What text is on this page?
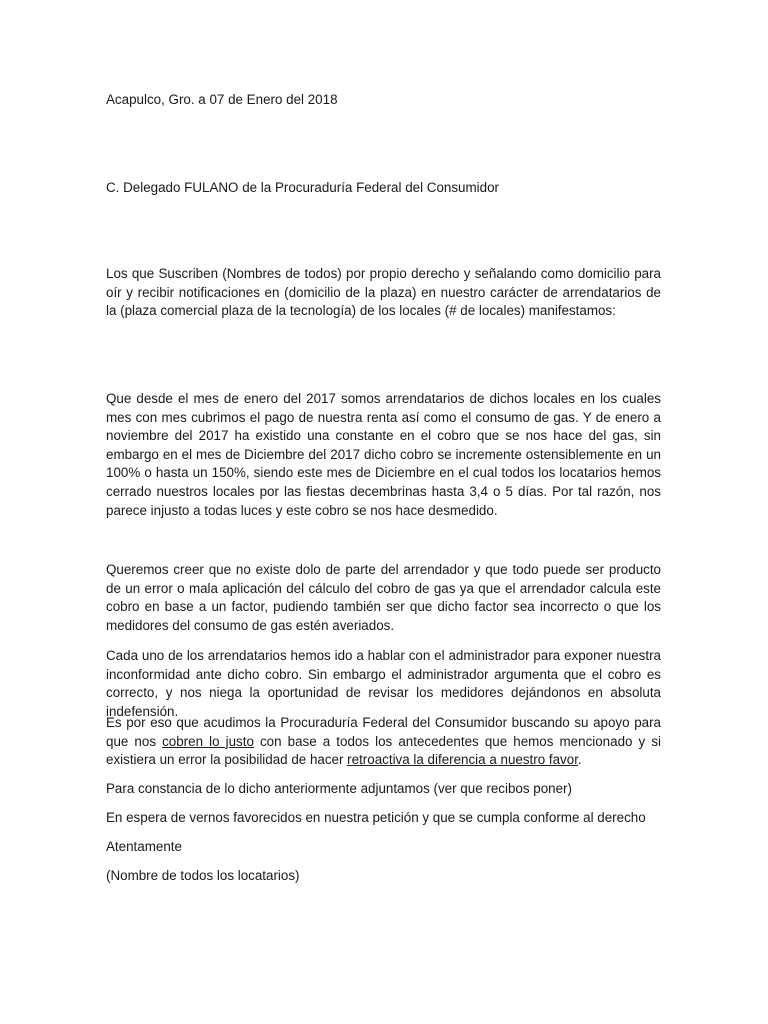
Acapulco, Gro. a 07 de Enero del 2018

C. Delegado FULANO de la Procuraduría Federal del Consumidor

Los que Suscriben (Nombres de todos) por propio derecho y señalando como domicilio para oír y recibir notificaciones en (domicilio de la plaza) en nuestro carácter de arrendatarios de la (plaza comercial plaza de la tecnología) de los locales (# de locales) manifestamos:

Que desde el mes de enero del 2017 somos arrendatarios de dichos locales en los cuales mes con mes cubrimos el pago de nuestra renta así como el consumo de gas. Y de enero a noviembre del 2017 ha existido una constante en el cobro que se nos hace del gas, sin embargo en el mes de Diciembre del 2017 dicho cobro se incremente ostensiblemente en un 100% o hasta un 150%, siendo este mes de Diciembre en el cual todos los locatarios hemos cerrado nuestros locales por las fiestas decembrinas hasta 3,4 o 5 días. Por tal razón, nos parece injusto a todas luces y este cobro se nos hace desmedido.

Queremos creer que no existe dolo de parte del arrendador y que todo puede ser producto de un error o mala aplicación del cálculo del cobro de gas ya que el arrendador calcula este cobro en base a un factor, pudiendo también ser que dicho factor sea incorrecto o que los medidores del consumo de gas estén averiados.

Cada uno de los arrendatarios hemos ido a hablar con el administrador para exponer nuestra inconformidad ante dicho cobro. Sin embargo el administrador argumenta que el cobro es correcto, y nos niega la oportunidad de revisar los medidores dejándonos en absoluta indefensión.

Es por eso que acudimos la Procuraduría Federal del Consumidor buscando su apoyo para que nos cobren lo justo con base a todos los antecedentes que hemos mencionado y si existiera un error la posibilidad de hacer retroactiva la diferencia a nuestro favor.

Para constancia de lo dicho anteriormente adjuntamos (ver que recibos poner)

En espera de vernos favorecidos en nuestra petición y que se cumpla conforme al derecho

Atentamente

(Nombre de todos los locatarios)
